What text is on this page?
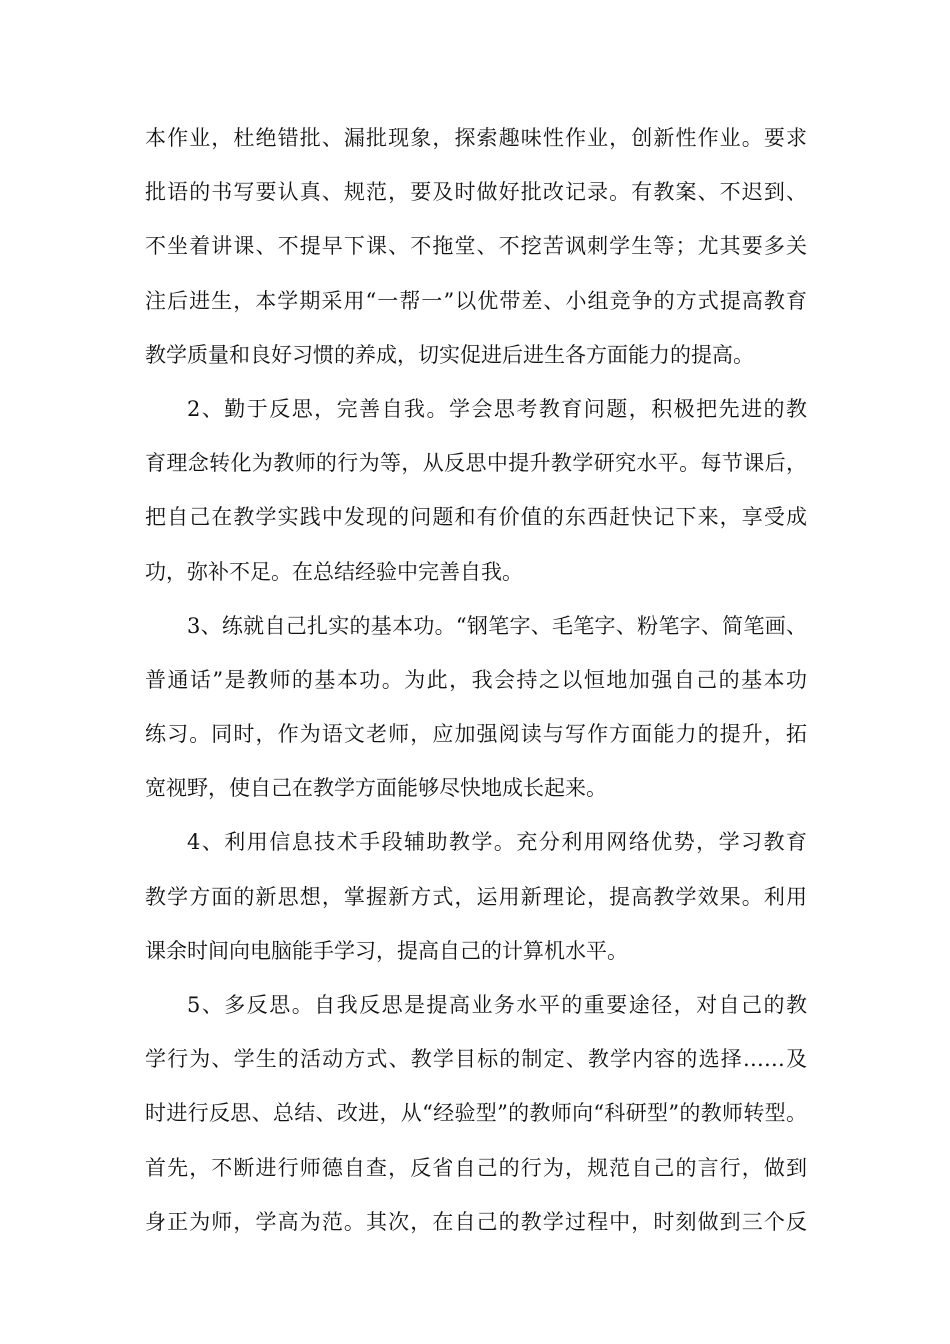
本作业，杜绝错批、漏批现象，探索趣味性作业，创新性作业。要求
批语的书写要认真、规范，要及时做好批改记录。有教案、不迟到、
不坐着讲课、不提早下课、不拖堂、不挖苦讽刺学生等；尤其要多关
注后进生，本学期采用“一帮一”以优带差、小组竞争的方式提高教育
教学质量和良好习惯的养成，切实促进后进生各方面能力的提高。
2、勤于反思，完善自我。学会思考教育问题，积极把先进的教
育理念转化为教师的行为等，从反思中提升教学研究水平。每节课后，
把自己在教学实践中发现的问题和有价值的东西赶快记下来，享受成
功，弥补不足。在总结经验中完善自我。
3、练就自己扎实的基本功。“钢笔字、毛笔字、粉笔字、简笔画、
普通话”是教师的基本功。为此，我会持之以恒地加强自己的基本功
练习。同时，作为语文老师，应加强阅读与写作方面能力的提升，拓
宽视野，使自己在教学方面能够尽快地成长起来。
4、利用信息技术手段辅助教学。充分利用网络优势，学习教育
教学方面的新思想，掌握新方式，运用新理论，提高教学效果。利用
课余时间向电脑能手学习，提高自己的计算机水平。
5、多反思。自我反思是提高业务水平的重要途径，对自己的教
学行为、学生的活动方式、教学目标的制定、教学内容的选择……及
时进行反思、总结、改进，从“经验型”的教师向“科研型”的教师转型。
首先，不断进行师德自查，反省自己的行为，规范自己的言行，做到
身正为师，学高为范。其次，在自己的教学过程中，时刻做到三个反
